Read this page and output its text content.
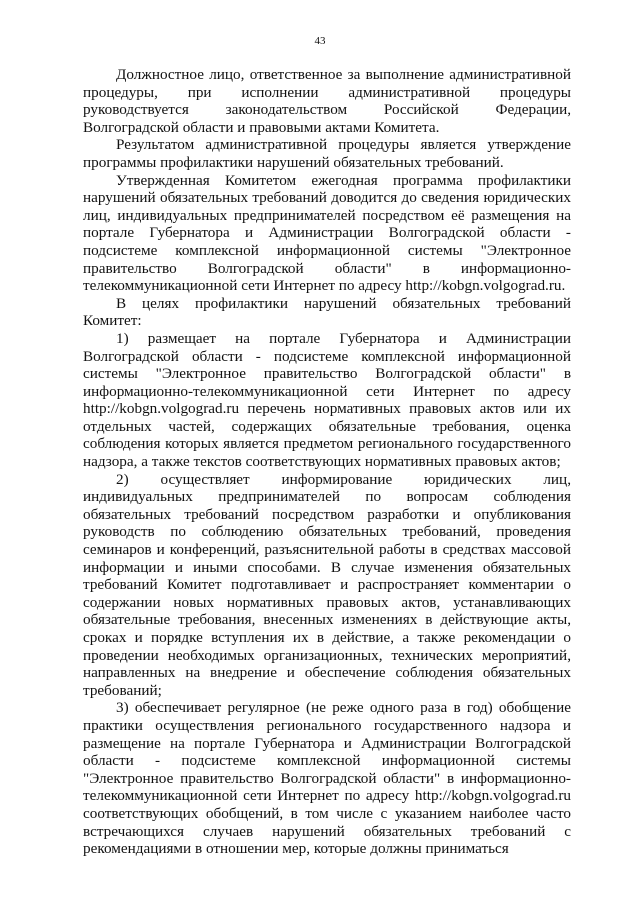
43

Должностное лицо, ответственное за выполнение административной процедуры, при исполнении административной процедуры руководствуется законодательством Российской Федерации, Волгоградской области и правовыми актами Комитета.

Результатом административной процедуры является утверждение программы профилактики нарушений обязательных требований.

Утвержденная Комитетом ежегодная программа профилактики нарушений обязательных требований доводится до сведения юридических лиц, индивидуальных предпринимателей посредством её размещения на портале Губернатора и Администрации Волгоградской области - подсистеме комплексной информационной системы "Электронное правительство Волгоградской области" в информационно-телекоммуникационной сети Интернет по адресу http://kobgn.volgograd.ru.

В целях профилактики нарушений обязательных требований Комитет:

1) размещает на портале Губернатора и Администрации Волгоградской области - подсистеме комплексной информационной системы "Электронное правительство Волгоградской области" в информационно-телекоммуникационной сети Интернет по адресу http://kobgn.volgograd.ru перечень нормативных правовых актов или их отдельных частей, содержащих обязательные требования, оценка соблюдения которых является предметом регионального государственного надзора, а также текстов соответствующих нормативных правовых актов;

2) осуществляет информирование юридических лиц, индивидуальных предпринимателей по вопросам соблюдения обязательных требований посредством разработки и опубликования руководств по соблюдению обязательных требований, проведения семинаров и конференций, разъяснительной работы в средствах массовой информации и иными способами. В случае изменения обязательных требований Комитет подготавливает и распространяет комментарии о содержании новых нормативных правовых актов, устанавливающих обязательные требования, внесенных изменениях в действующие акты, сроках и порядке вступления их в действие, а также рекомендации о проведении необходимых организационных, технических мероприятий, направленных на внедрение и обеспечение соблюдения обязательных требований;

3) обеспечивает регулярное (не реже одного раза в год) обобщение практики осуществления регионального государственного надзора и размещение на портале Губернатора и Администрации Волгоградской области - подсистеме комплексной информационной системы "Электронное правительство Волгоградской области" в информационно-телекоммуникационной сети Интернет по адресу http://kobgn.volgograd.ru соответствующих обобщений, в том числе с указанием наиболее часто встречающихся случаев нарушений обязательных требований с рекомендациями в отношении мер, которые должны приниматься
